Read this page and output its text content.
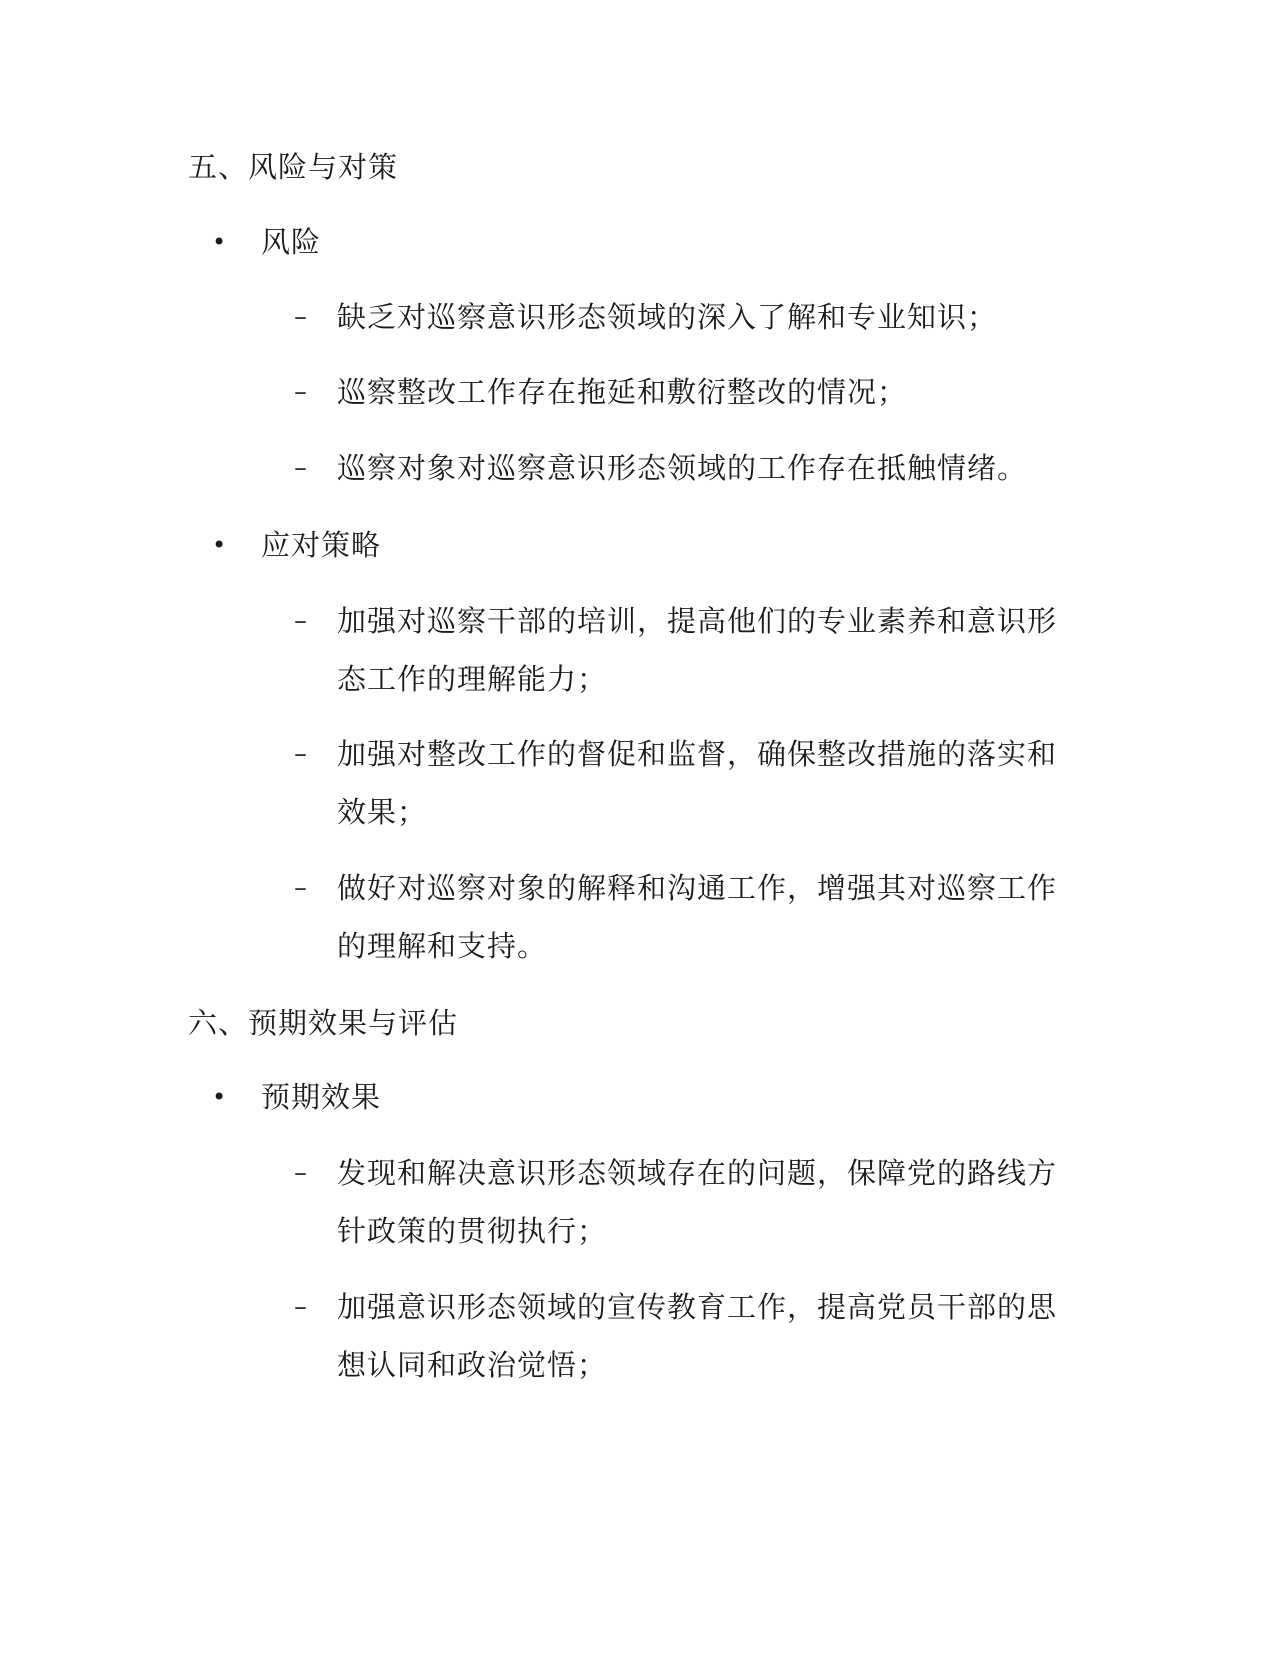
五、风险与对策
• 风险
– 缺乏对巡察意识形态领域的深入了解和专业知识；
– 巡察整改工作存在拖延和敷衍整改的情况；
– 巡察对象对巡察意识形态领域的工作存在抵触情绪。
• 应对策略
– 加强对巡察干部的培训，提高他们的专业素养和意识形态工作的理解能力；
– 加强对整改工作的督促和监督，确保整改措施的落实和效果；
– 做好对巡察对象的解释和沟通工作，增强其对巡察工作的理解和支持。
六、预期效果与评估
• 预期效果
– 发现和解决意识形态领域存在的问题，保障党的路线方针政策的贯彻执行；
– 加强意识形态领域的宣传教育工作，提高党员干部的思想认同和政治觉悟；
